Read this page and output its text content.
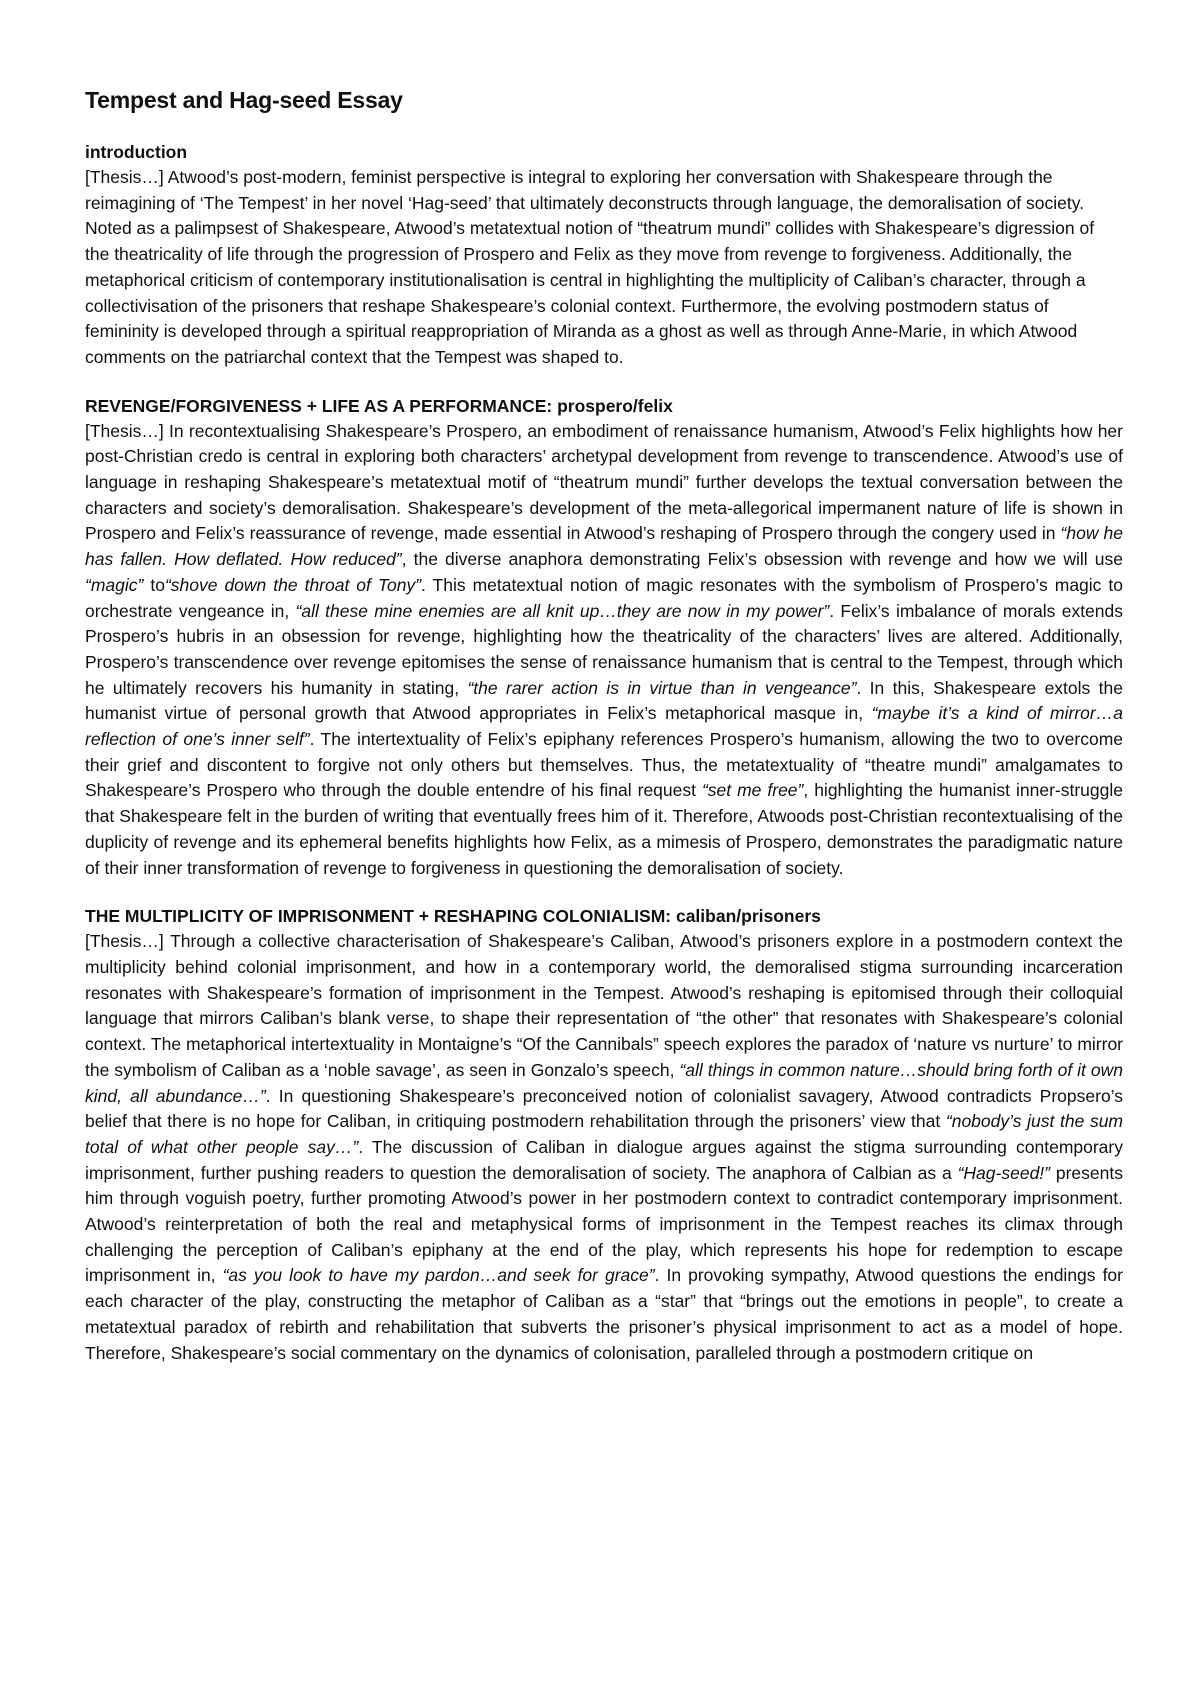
Tempest and Hag-seed Essay
introduction

[Thesis…] Atwood’s post-modern, feminist perspective is integral to exploring her conversation with Shakespeare through the reimagining of ‘The Tempest’ in her novel ‘Hag-seed’ that ultimately deconstructs through language, the demoralisation of society. Noted as a palimpsest of Shakespeare, Atwood’s metatextual notion of “theatrum mundi” collides with Shakespeare’s digression of the theatricality of life through the progression of Prospero and Felix as they move from revenge to forgiveness. Additionally, the metaphorical criticism of contemporary institutionalisation is central in highlighting the multiplicity of Caliban’s character, through a collectivisation of the prisoners that reshape Shakespeare’s colonial context. Furthermore, the evolving postmodern status of femininity is developed through a spiritual reappropriation of Miranda as a ghost as well as through Anne-Marie, in which Atwood comments on the patriarchal context that the Tempest was shaped to.

REVENGE/FORGIVENESS + LIFE AS A PERFORMANCE: prospero/felix

[Thesis…] In recontextualising Shakespeare’s Prospero, an embodiment of renaissance humanism, Atwood’s Felix highlights how her post-Christian credo is central in exploring both characters’ archetypal development from revenge to transcendence. Atwood’s use of language in reshaping Shakespeare’s metatextual motif of “theatrum mundi” further develops the textual conversation between the characters and society’s demoralisation. Shakespeare’s development of the meta-allegorical impermanent nature of life is shown in Prospero and Felix’s reassurance of revenge, made essential in Atwood’s reshaping of Prospero through the congery used in “how he has fallen. How deflated. How reduced”, the diverse anaphora demonstrating Felix’s obsession with revenge and how we will use “magic” to“shove down the throat of Tony”. This metatextual notion of magic resonates with the symbolism of Prospero’s magic to orchestrate vengeance in, “all these mine enemies are all knit up…they are now in my power”. Felix’s imbalance of morals extends Prospero’s hubris in an obsession for revenge, highlighting how the theatricality of the characters’ lives are altered. Additionally, Prospero’s transcendence over revenge epitomises the sense of renaissance humanism that is central to the Tempest, through which he ultimately recovers his humanity in stating, “the rarer action is in virtue than in vengeance”. In this, Shakespeare extols the humanist virtue of personal growth that Atwood appropriates in Felix’s metaphorical masque in, “maybe it’s a kind of mirror…a reflection of one’s inner self”. The intertextuality of Felix’s epiphany references Prospero’s humanism, allowing the two to overcome their grief and discontent to forgive not only others but themselves. Thus, the metatextuality of “theatre mundi” amalgamates to Shakespeare’s Prospero who through the double entendre of his final request “set me free”, highlighting the humanist inner-struggle that Shakespeare felt in the burden of writing that eventually frees him of it. Therefore, Atwoods post-Christian recontextualising of the duplicity of revenge and its ephemeral benefits highlights how Felix, as a mimesis of Prospero, demonstrates the paradigmatic nature of their inner transformation of revenge to forgiveness in questioning the demoralisation of society.

THE MULTIPLICITY OF IMPRISONMENT + RESHAPING COLONIALISM: caliban/prisoners

[Thesis…] Through a collective characterisation of Shakespeare’s Caliban, Atwood’s prisoners explore in a postmodern context the multiplicity behind colonial imprisonment, and how in a contemporary world, the demoralised stigma surrounding incarceration resonates with Shakespeare’s formation of imprisonment in the Tempest. Atwood’s reshaping is epitomised through their colloquial language that mirrors Caliban’s blank verse, to shape their representation of “the other” that resonates with Shakespeare’s colonial context. The metaphorical intertextuality in Montaigne’s “Of the Cannibals” speech explores the paradox of ‘nature vs nurture’ to mirror the symbolism of Caliban as a ‘noble savage’, as seen in Gonzalo’s speech, “all things in common nature…should bring forth of it own kind, all abundance…”. In questioning Shakespeare’s preconceived notion of colonialist savagery, Atwood contradicts Propsero’s belief that there is no hope for Caliban, in critiquing postmodern rehabilitation through the prisoners’ view that “nobody’s just the sum total of what other people say…”. The discussion of Caliban in dialogue argues against the stigma surrounding contemporary imprisonment, further pushing readers to question the demoralisation of society. The anaphora of Calbian as a “Hag-seed!” presents him through voguish poetry, further promoting Atwood’s power in her postmodern context to contradict contemporary imprisonment. Atwood’s reinterpretation of both the real and metaphysical forms of imprisonment in the Tempest reaches its climax through challenging the perception of Caliban’s epiphany at the end of the play, which represents his hope for redemption to escape imprisonment in, “as you look to have my pardon…and seek for grace”. In provoking sympathy, Atwood questions the endings for each character of the play, constructing the metaphor of Caliban as a “star” that “brings out the emotions in people”, to create a metatextual paradox of rebirth and rehabilitation that subverts the prisoner’s physical imprisonment to act as a model of hope. Therefore, Shakespeare’s social commentary on the dynamics of colonisation, paralleled through a postmodern critique on
